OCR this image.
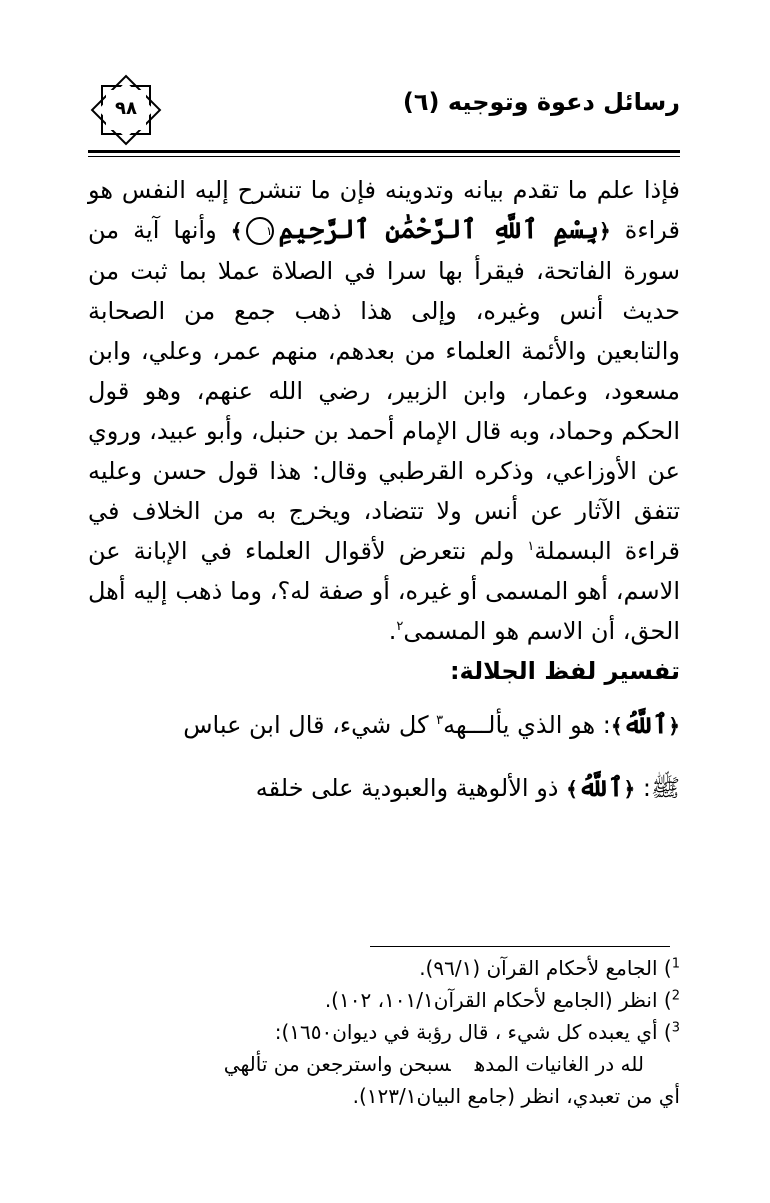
رسائل دعوة وتوجيه (٦)
٩٨

فإذا علم ما تقدم بيانه وتدوينه فإن ما تنشرح إليه النفس هو قراءة ﴿بِسْمِ ٱللَّهِ ٱلرَّحْمَٰنِ ٱلرَّحِيمِ١﴾ وأنها آية من سورة الفاتحة، فيقرأ بها سرا في الصلاة عملا بما ثبت من حديث أنس وغيره، وإلى هذا ذهب جمع من الصحابة والتابعين والأئمة العلماء من بعدهم، منهم عمر، وعلي، وابن مسعود، وعمار، وابن الزبير، رضي الله عنهم، وهو قول الحكم وحماد، وبه قال الإمام أحمد بن حنبل، وأبو عبيد، وروي عن الأوزاعي، وذكره القرطبي وقال: هذا قول حسن وعليه تتفق الآثار عن أنس ولا تتضاد، ويخرج به من الخلاف في قراءة البسملة$^١$ ولم نتعرض لأقوال العلماء في الإبانة عن الاسم، أهو المسمى أو غيره، أو صفة له؟، وما ذهب إليه أهل الحق، أن الاسم هو المسمى$^٢$.

تفسير لفظ الجلالة:

﴿ٱللَّهُ﴾: هو الذي يألـــهه$^٣$ كل شيء، قال ابن عباس

ﷺ: ﴿ٱللَّهُ﴾ ذو الألوهية والعبودية على خلقه

$^1$) الجامع لأحكام القرآن (٩٦/١).

$^2$) انظر (الجامع لأحكام القرآن١٠١/١، ١٠٢).

$^3$) أي يعبده كل شيء ، قال رؤبة في ديوان١٦٥٠):

لله در الغانيات المدهسبحن واسترجعن من تألهي

أي من تعبدي، انظر (جامع البيان١٢٣/١).
